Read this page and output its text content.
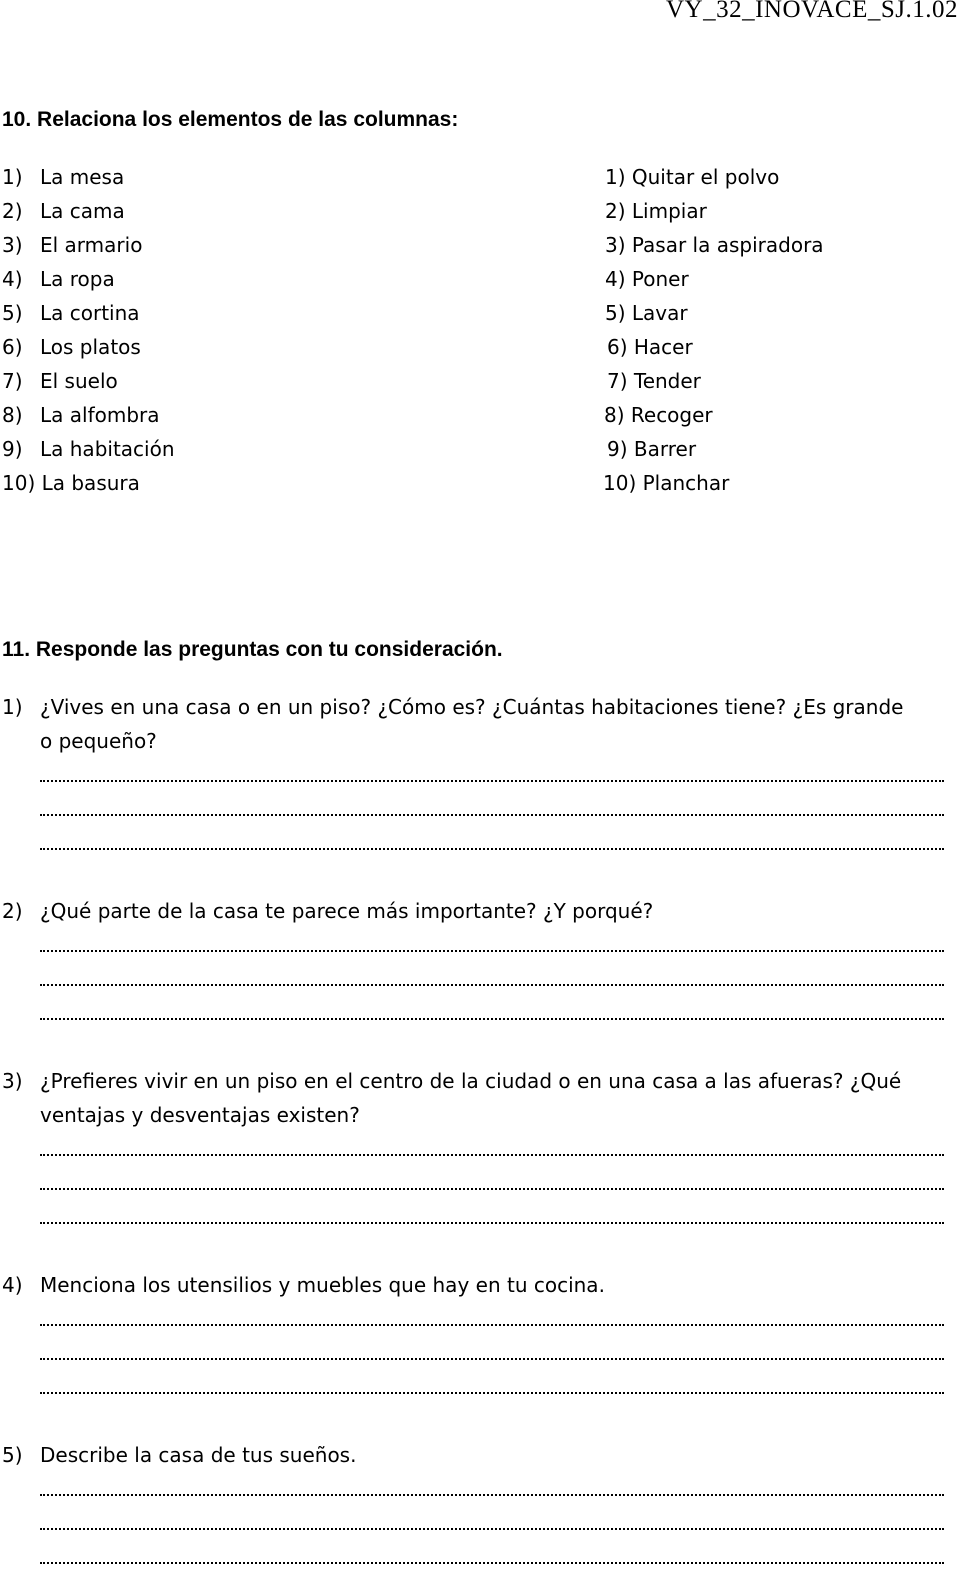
VY_32_INOVACE_SJ.1.02
10. Relaciona los elementos de las columnas:
1) La mesa	1) Quitar el polvo
2) La cama	2) Limpiar
3) El armario	3) Pasar la aspiradora
4) La ropa	4) Poner
5) La cortina	5) Lavar
6) Los platos	6) Hacer
7) El suelo	7) Tender
8) La alfombra	8) Recoger
9) La habitación	9) Barrer
10) La basura	10) Planchar
11. Responde las preguntas con tu consideración.
1) ¿Vives en una casa o en un piso? ¿Cómo es? ¿Cuántas habitaciones tiene? ¿Es grande o pequeño?
2) ¿Qué parte de la casa te parece más importante? ¿Y porqué?
3) ¿Prefieres vivir en un piso en el centro de la ciudad o en una casa a las afueras? ¿Qué ventajas y desventajas existen?
4) Menciona los utensilios y muebles que hay en tu cocina.
5) Describe la casa de tus sueños.
